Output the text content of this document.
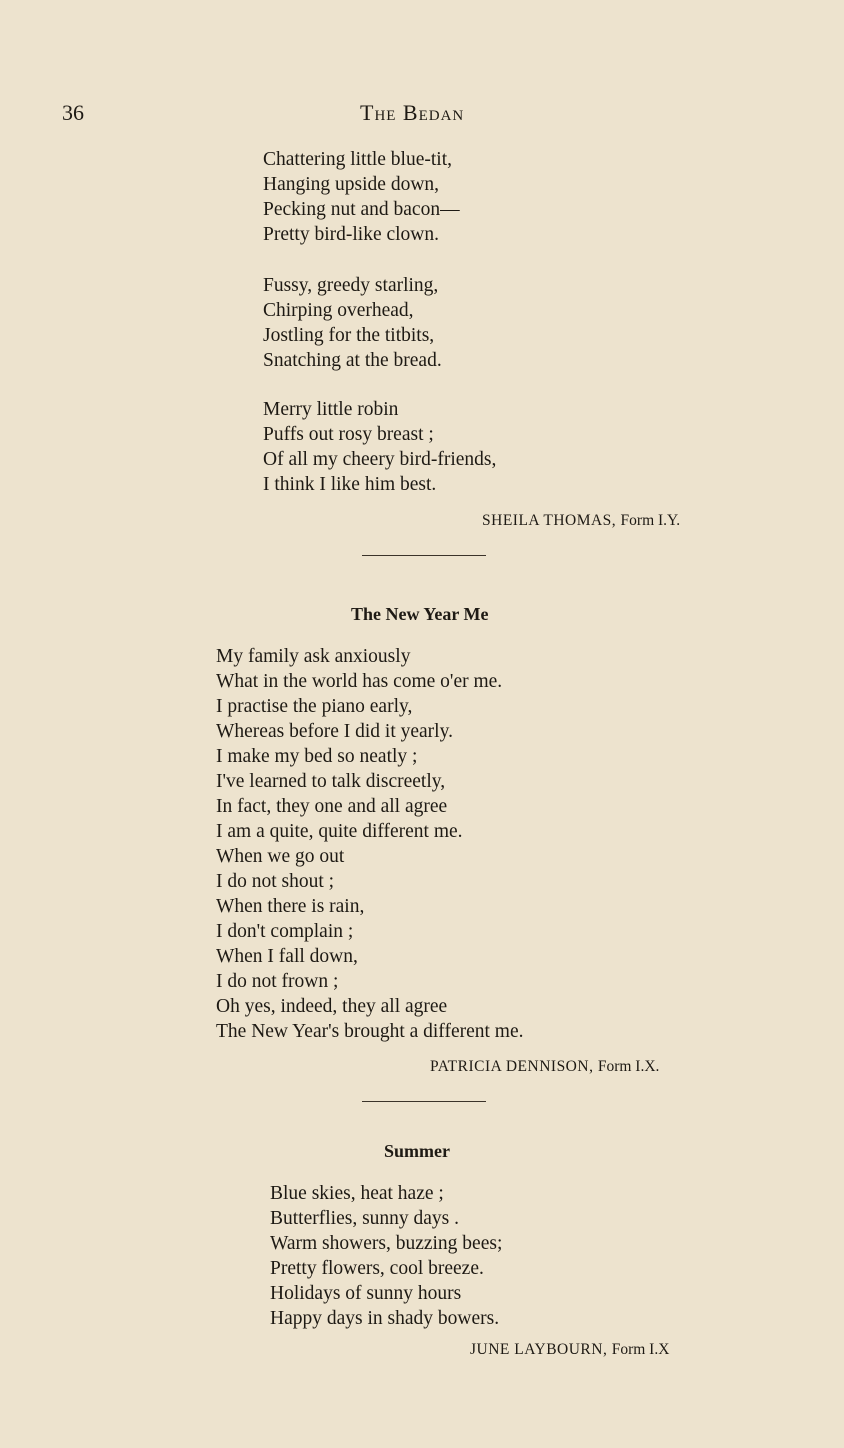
36	The Bedan
Chattering little blue-tit,
Hanging upside down,
Pecking nut and bacon—
Pretty bird-like clown.
Fussy, greedy starling,
Chirping overhead,
Jostling for the titbits,
Snatching at the bread.
Merry little robin
Puffs out rosy breast ;
Of all my cheery bird-friends,
I think I like him best.
SHEILA THOMAS, Form I.Y.
The New Year Me
My family ask anxiously
What in the world has come o'er me.
I practise the piano early,
Whereas before I did it yearly.
I make my bed so neatly ;
I've learned to talk discreetly,
In fact, they one and all agree
I am a quite, quite different me.
When we go out
I do not shout ;
When there is rain,
I don't complain ;
When I fall down,
I do not frown ;
Oh yes, indeed, they all agree
The New Year's brought a different me.
PATRICIA DENNISON, Form I.X.
Summer
Blue skies, heat haze ;
Butterflies, sunny days .
Warm showers, buzzing bees;
Pretty flowers, cool breeze.
Holidays of sunny hours
Happy days in shady bowers.
JUNE LAYBOURN, Form I.X
